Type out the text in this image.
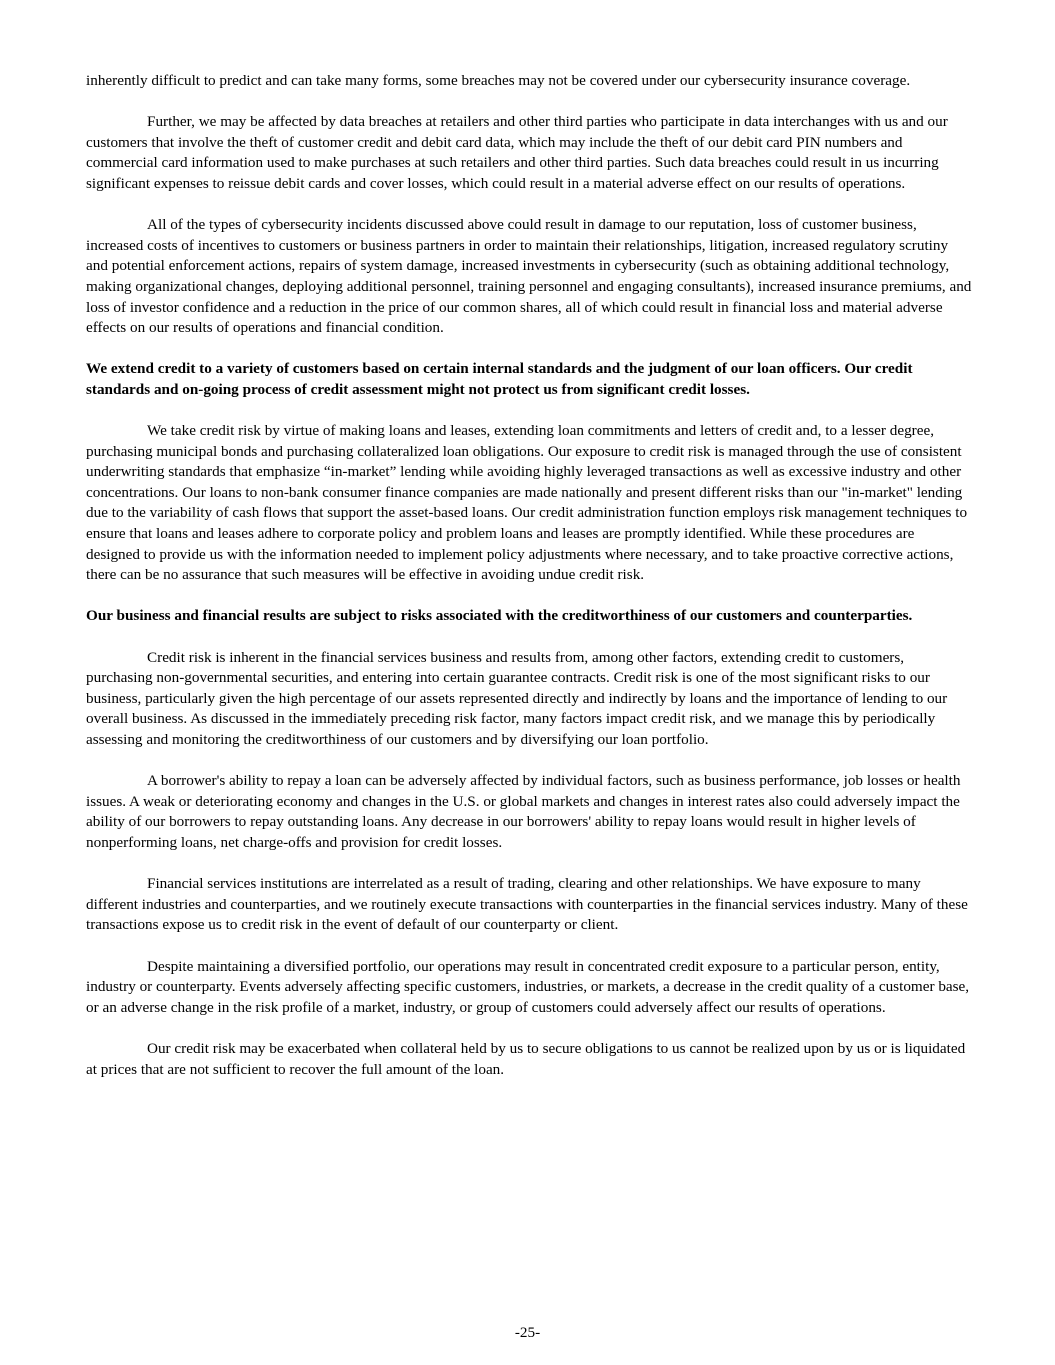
inherently difficult to predict and can take many forms, some breaches may not be covered under our cybersecurity insurance coverage.

Further, we may be affected by data breaches at retailers and other third parties who participate in data interchanges with us and our customers that involve the theft of customer credit and debit card data, which may include the theft of our debit card PIN numbers and commercial card information used to make purchases at such retailers and other third parties. Such data breaches could result in us incurring significant expenses to reissue debit cards and cover losses, which could result in a material adverse effect on our results of operations.

All of the types of cybersecurity incidents discussed above could result in damage to our reputation, loss of customer business, increased costs of incentives to customers or business partners in order to maintain their relationships, litigation, increased regulatory scrutiny and potential enforcement actions, repairs of system damage, increased investments in cybersecurity (such as obtaining additional technology, making organizational changes, deploying additional personnel, training personnel and engaging consultants), increased insurance premiums, and loss of investor confidence and a reduction in the price of our common shares, all of which could result in financial loss and material adverse effects on our results of operations and financial condition.

We extend credit to a variety of customers based on certain internal standards and the judgment of our loan officers. Our credit standards and on-going process of credit assessment might not protect us from significant credit losses.

We take credit risk by virtue of making loans and leases, extending loan commitments and letters of credit and, to a lesser degree, purchasing municipal bonds and purchasing collateralized loan obligations. Our exposure to credit risk is managed through the use of consistent underwriting standards that emphasize “in-market” lending while avoiding highly leveraged transactions as well as excessive industry and other concentrations. Our loans to non-bank consumer finance companies are made nationally and present different risks than our "in-market" lending due to the variability of cash flows that support the asset-based loans. Our credit administration function employs risk management techniques to ensure that loans and leases adhere to corporate policy and problem loans and leases are promptly identified. While these procedures are designed to provide us with the information needed to implement policy adjustments where necessary, and to take proactive corrective actions, there can be no assurance that such measures will be effective in avoiding undue credit risk.

Our business and financial results are subject to risks associated with the creditworthiness of our customers and counterparties.

Credit risk is inherent in the financial services business and results from, among other factors, extending credit to customers, purchasing non-governmental securities, and entering into certain guarantee contracts. Credit risk is one of the most significant risks to our business, particularly given the high percentage of our assets represented directly and indirectly by loans and the importance of lending to our overall business. As discussed in the immediately preceding risk factor, many factors impact credit risk, and we manage this by periodically assessing and monitoring the creditworthiness of our customers and by diversifying our loan portfolio.

A borrower's ability to repay a loan can be adversely affected by individual factors, such as business performance, job losses or health issues. A weak or deteriorating economy and changes in the U.S. or global markets and changes in interest rates also could adversely impact the ability of our borrowers to repay outstanding loans. Any decrease in our borrowers' ability to repay loans would result in higher levels of nonperforming loans, net charge-offs and provision for credit losses.

Financial services institutions are interrelated as a result of trading, clearing and other relationships. We have exposure to many different industries and counterparties, and we routinely execute transactions with counterparties in the financial services industry. Many of these transactions expose us to credit risk in the event of default of our counterparty or client.

Despite maintaining a diversified portfolio, our operations may result in concentrated credit exposure to a particular person, entity, industry or counterparty. Events adversely affecting specific customers, industries, or markets, a decrease in the credit quality of a customer base, or an adverse change in the risk profile of a market, industry, or group of customers could adversely affect our results of operations.

Our credit risk may be exacerbated when collateral held by us to secure obligations to us cannot be realized upon by us or is liquidated at prices that are not sufficient to recover the full amount of the loan.

-25-
